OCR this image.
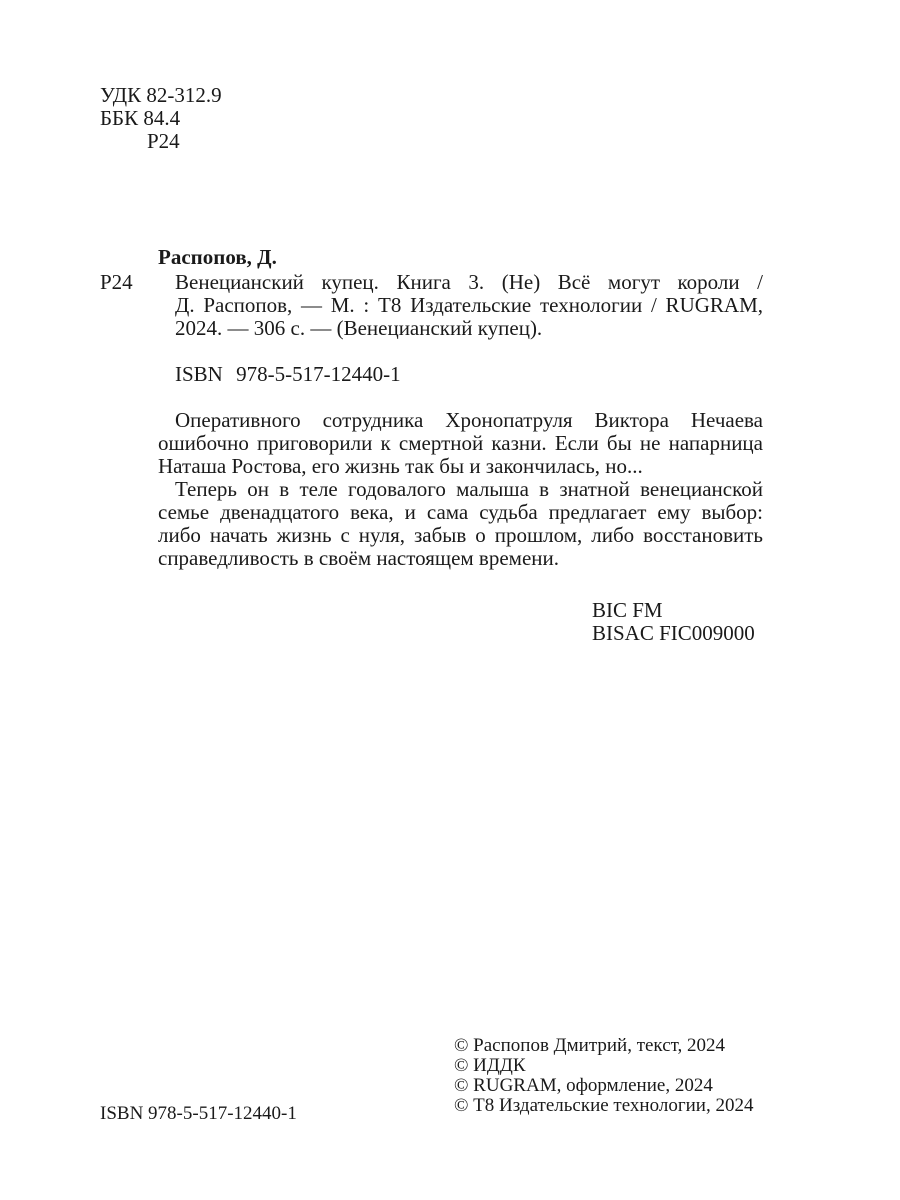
УДК 82-312.9
ББК 84.4
Р24
Распопов, Д.
Р24 Венецианский купец. Книга 3. (Не) Всё могут короли /
Д. Распопов, — М. : Т8 Издательские технологии / RUGRAM,
2024. — 306 с. — (Венецианский купец).
ISBN 978-5-517-12440-1
Оперативного сотрудника Хронопатруля Виктора Нечаева
ошибочно приговорили к смертной казни. Если бы не напарница
Наташа Ростова, его жизнь так бы и закончилась, но...
Теперь он в теле годовалого малыша в знатной венецианской
семье двенадцатого века, и сама судьба предлагает ему выбор:
либо начать жизнь с нуля, забыв о прошлом, либо восстановить
справедливость в своём настоящем времени.
BIC FM
BISAC FIC009000
© Распопов Дмитрий, текст, 2024
© ИДДК
© RUGRAM, оформление, 2024
© Т8 Издательские технологии, 2024
ISBN 978-5-517-12440-1
